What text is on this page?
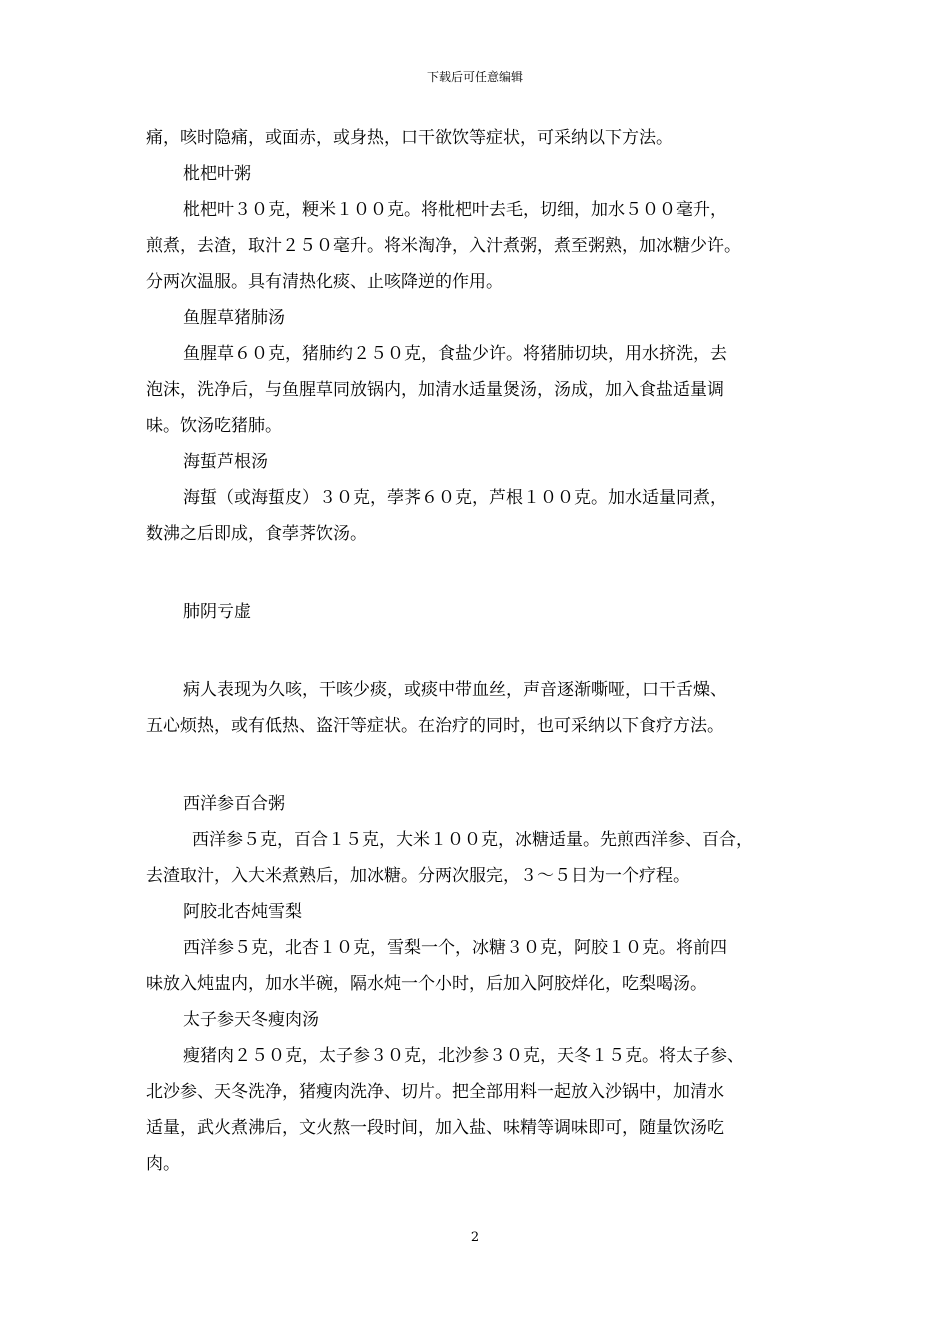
下载后可任意编辑
痛，咳时隐痛，或面赤，或身热，口干欲饮等症状，可采纳以下方法。
枇杷叶粥
枇杷叶３０克，粳米１００克。将枇杷叶去毛，切细，加水５００毫升，
煎煮，去渣，取汁２５０毫升。将米淘净，入汁煮粥，煮至粥熟，加冰糖少许。
分两次温服。具有清热化痰、止咳降逆的作用。
鱼腥草猪肺汤
鱼腥草６０克，猪肺约２５０克，食盐少许。将猪肺切块，用水挤洗，去
泡沫，洗净后，与鱼腥草同放锅内，加清水适量煲汤，汤成，加入食盐适量调
味。饮汤吃猪肺。
海蜇芦根汤
海蜇（或海蜇皮）３０克，荸荠６０克，芦根１００克。加水适量同煮，
数沸之后即成，食荸荠饮汤。
肺阴亏虚
病人表现为久咳，干咳少痰，或痰中带血丝，声音逐渐嘶哑，口干舌燥、
五心烦热，或有低热、盗汗等症状。在治疗的同时，也可采纳以下食疗方法。
西洋参百合粥
西洋参５克，百合１５克，大米１００克，冰糖适量。先煎西洋参、百合，
去渣取汁，入大米煮熟后，加冰糖。分两次服完，３～５日为一个疗程。
阿胶北杏炖雪梨
西洋参５克，北杏１０克，雪梨一个，冰糖３０克，阿胶１０克。将前四
味放入炖盅内，加水半碗，隔水炖一个小时，后加入阿胶烊化，吃梨喝汤。
太子参天冬瘦肉汤
瘦猪肉２５０克，太子参３０克，北沙参３０克，天冬１５克。将太子参、
北沙参、天冬洗净，猪瘦肉洗净、切片。把全部用料一起放入沙锅中，加清水
适量，武火煮沸后，文火熬一段时间，加入盐、味精等调味即可，随量饮汤吃
肉。
2
